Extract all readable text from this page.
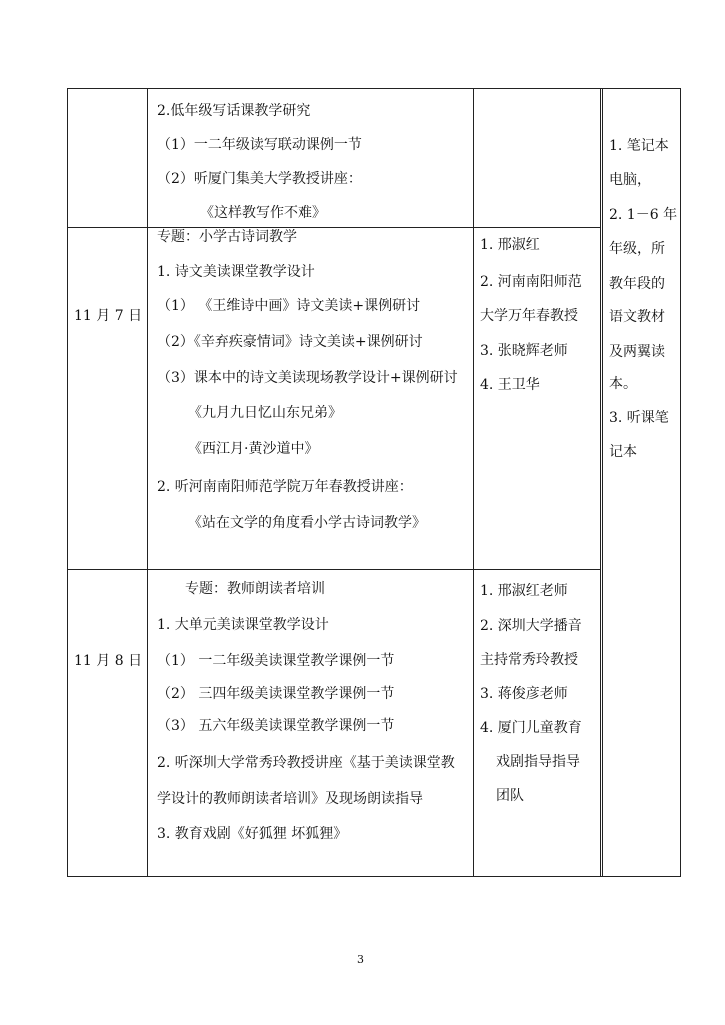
2.低年级写话课教学研究
（1）一二年级读写联动课例一节
（2）听厦门集美大学教授讲座：
《这样教写作不难》
11 月 7 日
专题：小学古诗词教学
1. 诗文美读课堂教学设计
（1） 《王维诗中画》诗文美读+课例研讨
（2）《辛弃疾豪情词》诗文美读+课例研讨
（3）课本中的诗文美读现场教学设计+课例研讨
《九月九日忆山东兄弟》
《西江月·黄沙道中》
2. 听河南南阳师范学院万年春教授讲座：
《站在文学的角度看小学古诗词教学》
1. 邢淑红
2. 河南南阳师范
大学万年春教授
3. 张晓辉老师
4. 王卫华
11 月 8 日
专题：教师朗读者培训
1. 大单元美读课堂教学设计
（1） 一二年级美读课堂教学课例一节
（2） 三四年级美读课堂教学课例一节
（3） 五六年级美读课堂教学课例一节
2. 听深圳大学常秀玲教授讲座《基于美读课堂教
学设计的教师朗读者培训》及现场朗读指导
3. 教育戏剧《好狐狸 坏狐狸》
1. 邢淑红老师
2. 深圳大学播音
主持常秀玲教授
3. 蒋俊彦老师
4. 厦门儿童教育
戏剧指导指导
团队
1. 笔记本
电脑，
2. 1－6 年
年级，所
教年段的
语文教材
及两翼读
本。
3. 听课笔
记本
3
